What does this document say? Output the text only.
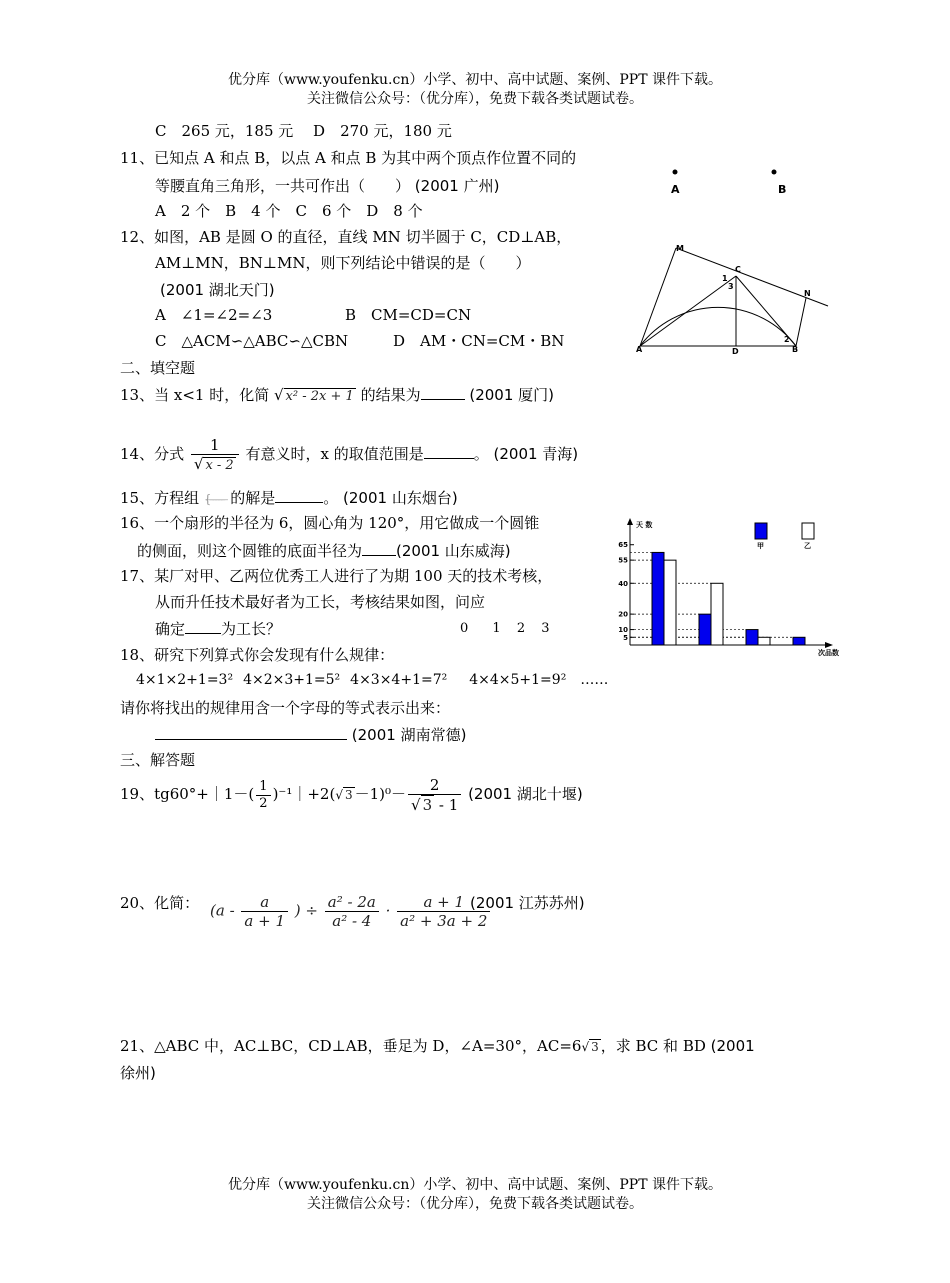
优分库（www.youfenku.cn）小学、初中、高中试题、案例、PPT 课件下载。
关注微信公众号：（优分库），免费下载各类试题试卷。
C　265 元，185 元　 D　270 元，180 元
11、已知点 A 和点 B，以点 A 和点 B 为其中两个顶点作位置不同的
等腰直角三角形，一共可作出（　　） (2001 广州)
A　2 个　B　4 个　C　6 个　D　8 个
A	B
12、如图，AB 是圆 O 的直径，直线 MN 切半圆于 C，CD⊥AB，
AM⊥MN，BN⊥MN，则下列结论中错误的是（　　）
(2001 湖北天门)
A　∠1=∠2=∠3	B　CM=CD=CN
C　△ACM∽△ABC∽△CBN	D　AM・CN=CM・BN
M
C
N
A	D	B
1
2
3
二、填空题
13、当 x<1 时，化简 √ x² - 2x + 1 的结果为	(2001 厦门)
14、分式 $\frac{1}{√ x - 2}$ 有意义时，x 的取值范围是	。 (2001 青海)
15、方程组 { ̶ ̶ ̶ ̶ ̶ ̶ 的解是	。 (2001 山东烟台)
16、一个扇形的半径为 6，圆心角为 120°，用它做成一个圆锥
的侧面，则这个圆锥的底面半径为 (2001 山东威海)
17、某厂对甲、乙两位优秀工人进行了为期 100 天的技术考核，
从而升任技术最好者为工长，考核结果如图，问应
确定 为工长？	0 1 2 3
天 数
次品数
5
10
20
40
55
65	甲	乙
18、研究下列算式你会发现有什么规律：
4×1×2+1=3² 4×2×3+1=5² 4×3×4+1=7² 4×4×5+1=9² ……
请你将找出的规律用含一个字母的等式表示出来：
(2001 湖南常德)
三、解答题
19、tg60°+｜1－( $\frac{1}{2}$ )⁻¹｜+2(√ $3 -1)^0- \frac{2}{√ 3 - 1} (2001$ 湖北十堰)
20、化简： ($a - \frac{a}{a + 1}$ ) ÷ $\frac{\text{a² - 2a}}{\text{a² - 4}} \cdot \frac{a + 1}{\text{a² + 3a + 2}}$
(2001 江苏苏州)
21、△ABC 中，AC⊥BC，CD⊥AB，垂足为 D，∠A=30°，AC=6√ 3 ，求 BC 和 BD (2001
徐州)
优分库（www.youfenku.cn）小学、初中、高中试题、案例、PPT 课件下载。
关注微信公众号：（优分库），免费下载各类试题试卷。
